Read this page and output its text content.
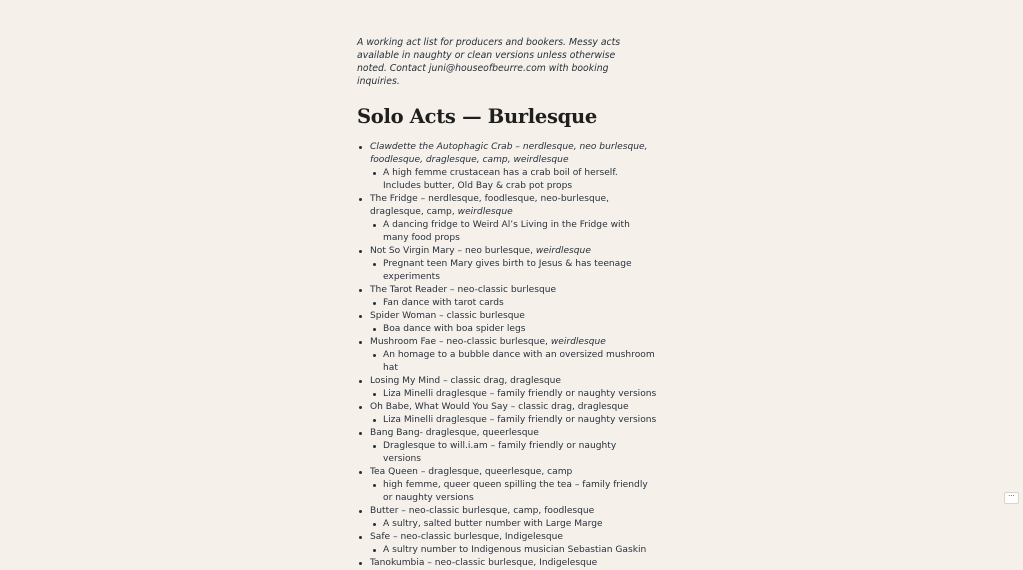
A working act list for producers and bookers. Messy acts available in naughty or clean versions unless otherwise noted. Contact juni@houseofbeurre.com with booking inquiries.

Solo Acts — Burlesque
Clawdette the Autophagic Crab – nerdlesque, neo burlesque, foodlesque, draglesque, camp, weirdlesque
A high femme crustacean has a crab boil of herself. Includes butter, Old Bay & crab pot props
The Fridge – nerdlesque, foodlesque, neo-burlesque, draglesque, camp, weirdlesque
A dancing fridge to Weird Al’s Living in the Fridge with many food props
Not So Virgin Mary – neo burlesque, weirdlesque
Pregnant teen Mary gives birth to Jesus & has teenage experiments
The Tarot Reader – neo-classic burlesque
Fan dance with tarot cards
Spider Woman – classic burlesque
Boa dance with boa spider legs
Mushroom Fae – neo-classic burlesque, weirdlesque
An homage to a bubble dance with an oversized mushroom hat
Losing My Mind – classic drag, draglesque
Liza Minelli draglesque – family friendly or naughty versions
Oh Babe, What Would You Say – classic drag, draglesque
Liza Minelli draglesque – family friendly or naughty versions
Bang Bang- draglesque, queerlesque
Draglesque to will.i.am – family friendly or naughty versions
Tea Queen – draglesque, queerlesque, camp
high femme, queer queen spilling the tea – family friendly or naughty versions
Butter – neo-classic burlesque, camp, foodlesque
A sultry, salted butter number with Large Marge
Safe – neo-classic burlesque, Indigelesque
A sultry number to Indigenous musician Sebastian Gaskin
Tanokumbia – neo-classic burlesque, Indigelesque
···
